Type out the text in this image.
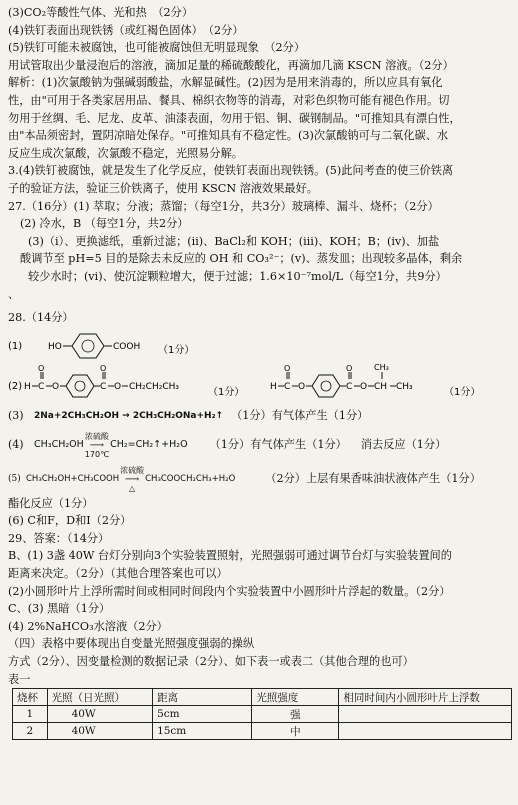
(3)CO₂等酸性气体、光和热　（2分）
(4)铁钉表面出现铁锈（或红褐色固体）　（2分）
(5)铁钉可能未被腐蚀，也可能被腐蚀但无明显现象　（2分）
用试管取出少量浸泡后的溶液，滴加足量的稀硫酸酸化，再滴加几滴 KSCN 溶液。（2分）
解析：(1)次氯酸钠为强碱弱酸盐，水解显碱性。(2)因为是用来消毒的，所以应具有氧化
性，由"可用于各类家居用品、餐具、棉织衣物等的消毒，对彩色织物可能有褪色作用。切
勿用于丝绸、毛、尼龙、皮革、油漆表面，勿用于铝、铜、碳钢制品。"可推知具有漂白性，
由"本品须密封，置阴凉暗处保存。"可推知具有不稳定性。(3)次氯酸钠可与二氧化碳、水
反应生成次氯酸，次氯酸不稳定，光照易分解。
3.(4)铁钉被腐蚀，就是发生了化学反应，使铁钉表面出现铁锈。(5)此问考查的使三价铁离
子的验证方法，验证三价铁离子，使用 KSCN 溶液效果最好。
27.（16分）(1) 萃取；分液；蒸馏；（每空1分，共3分）玻璃棒、漏斗、烧杯；（2分）
(2) 冷水，B （每空1分，共2分）
(3)（ⅰ）、更换滤纸，重新过滤；(ⅱ)、BaCl₂和 KOH；(ⅲ)、KOH；B；(ⅳ)、加盐
酸调节至 pH=5 目的是除去未反应的 OH 和 CO₃²⁻；(ⅴ)、蒸发皿；出现较多晶体，剩余
较少水时；(ⅵ)、使沉淀颗粒增大，便于过滤；1.6×10⁻⁷mol/L（每空1分，共9分）
、
28.（14分）
(1)	HO	COOH （1分）
(2) H C
O
O	C
O
O CH₂CH₂CH₃	（1分）	H C
O
O	C
O
O CH
CH₃
CH₃	（1分）
(3)	2Na+2CH₃CH₂OH → 2CH₃CH₂ONa+H₂↑ （1分）有气体产生（1分）
(4)	CH₃CH₂OH
浓硫酸
⟶
170℃
CH₂=CH₂↑+H₂O （1分）有气体产生（1分） 消去反应（1分）
(5) CH₃CH₂OH+CH₃COOH
浓硫酸
⟶
△
CH₃COOCH₂CH₃+H₂O	（2分）上层有果香味油状液体产生（1分）
酯化反应（1分）
(6) C和F，D和I（2分）
29、答案：（14分）
B、(1) 3盏 40W 台灯分别向3个实验装置照射，光照强弱可通过调节台灯与实验装置间的
距离来决定。（2分）（其他合理答案也可以）
(2)小圆形叶片上浮所需时间或相同时间段内个实验装置中小圆形叶片浮起的数量。（2分）
C、(3) 黑暗（1分）
(4) 2%NaHCO₃水溶液（2分）
（四）表格中要体现出自变量光照强度强弱的操纵
方式（2分）、因变量检测的数据记录（2分）、如下表一或表二（其他合理的也可）
表一
烧杯	光照（日光照）	距离	光照强度	相同时间内小圆形叶片上浮数
1	40W	5cm	强	
2	40W	15cm	中	
